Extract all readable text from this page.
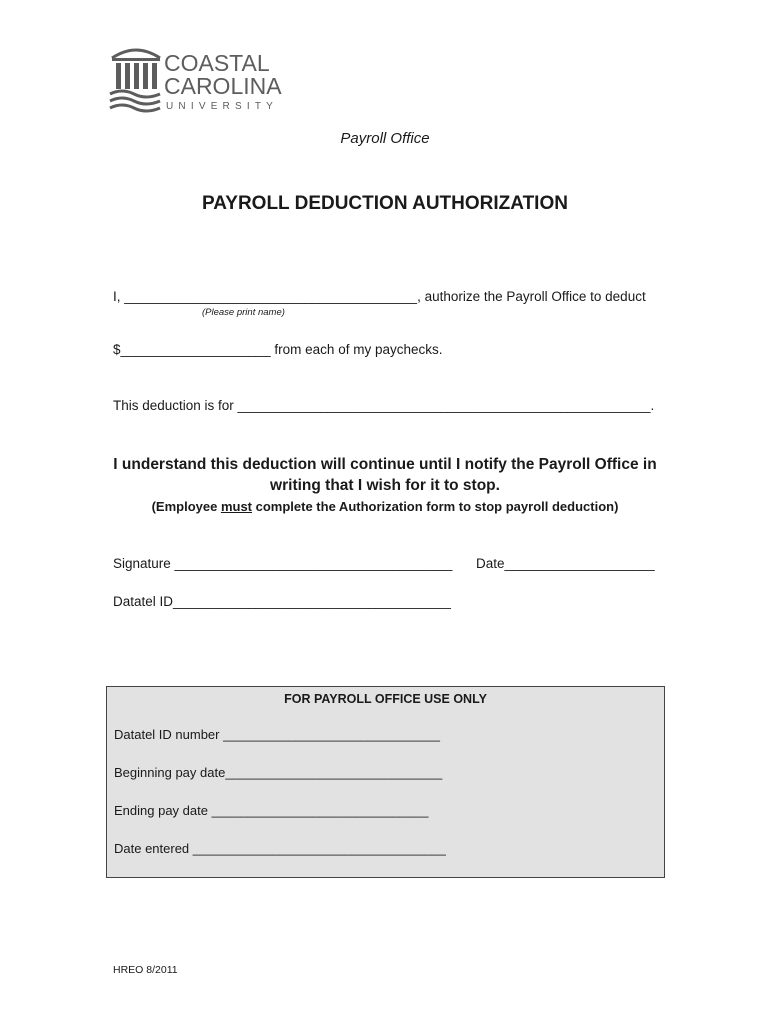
COASTAL
CAROLINA
UNIVERSITY
Payroll Office
PAYROLL DEDUCTION AUTHORIZATION
I, _______________________________________, authorize the Payroll Office to deduct
(Please print name)
$____________________ from each of my paychecks.
This deduction is for _______________________________________________________.
I understand this deduction will continue until I notify the Payroll Office in
writing that I wish for it to stop.
(Employee must complete the Authorization form to stop payroll deduction)
Signature _____________________________________ Date____________________
Datatel ID_____________________________________
FOR PAYROLL OFFICE USE ONLY
Datatel ID number ______________________________
Beginning pay date______________________________
Ending pay date ______________________________
Date entered ___________________________________
HREO 8/2011
